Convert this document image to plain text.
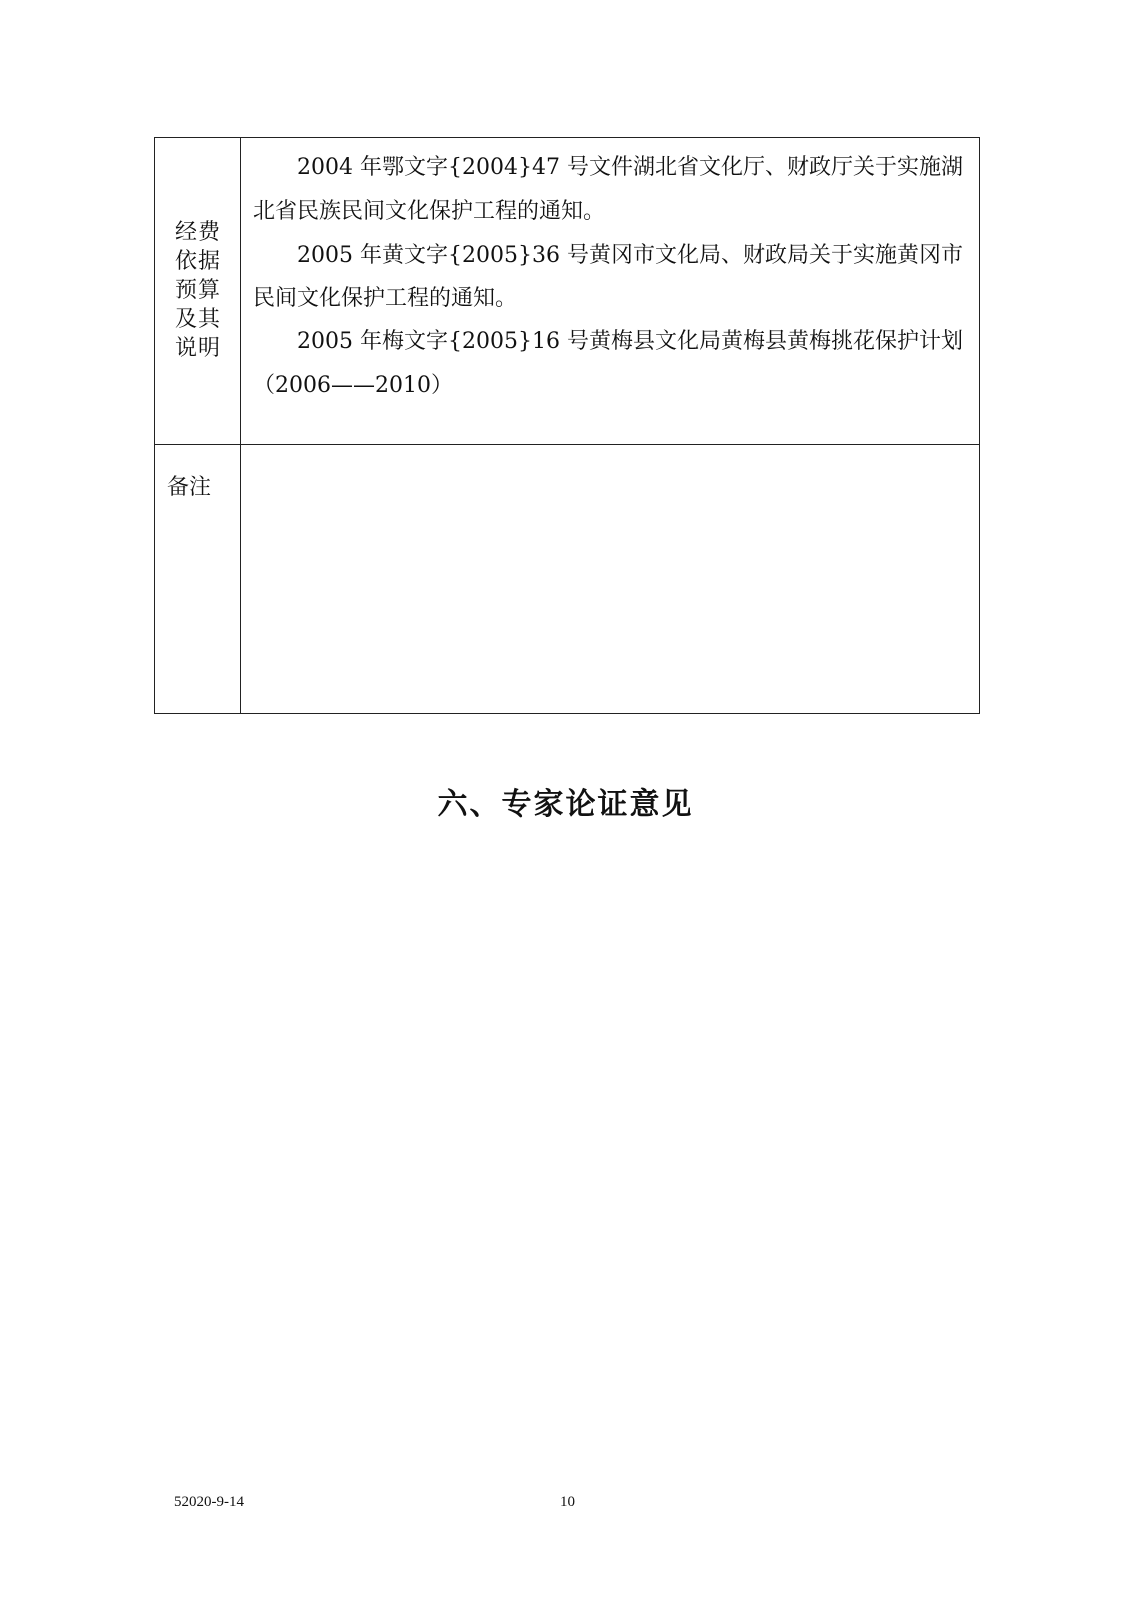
经费
依据
预算
及其
说明
2004 年鄂文字{2004}47 号文件湖北省文化厅、财政厅关于实施湖
北省民族民间文化保护工程的通知。
2005 年黄文字{2005}36 号黄冈市文化局、财政局关于实施黄冈市
民间文化保护工程的通知。
2005 年梅文字{2005}16 号黄梅县文化局黄梅县黄梅挑花保护计划
（2006——2010）
备注
六、专家论证意见
52020-9-14	10
